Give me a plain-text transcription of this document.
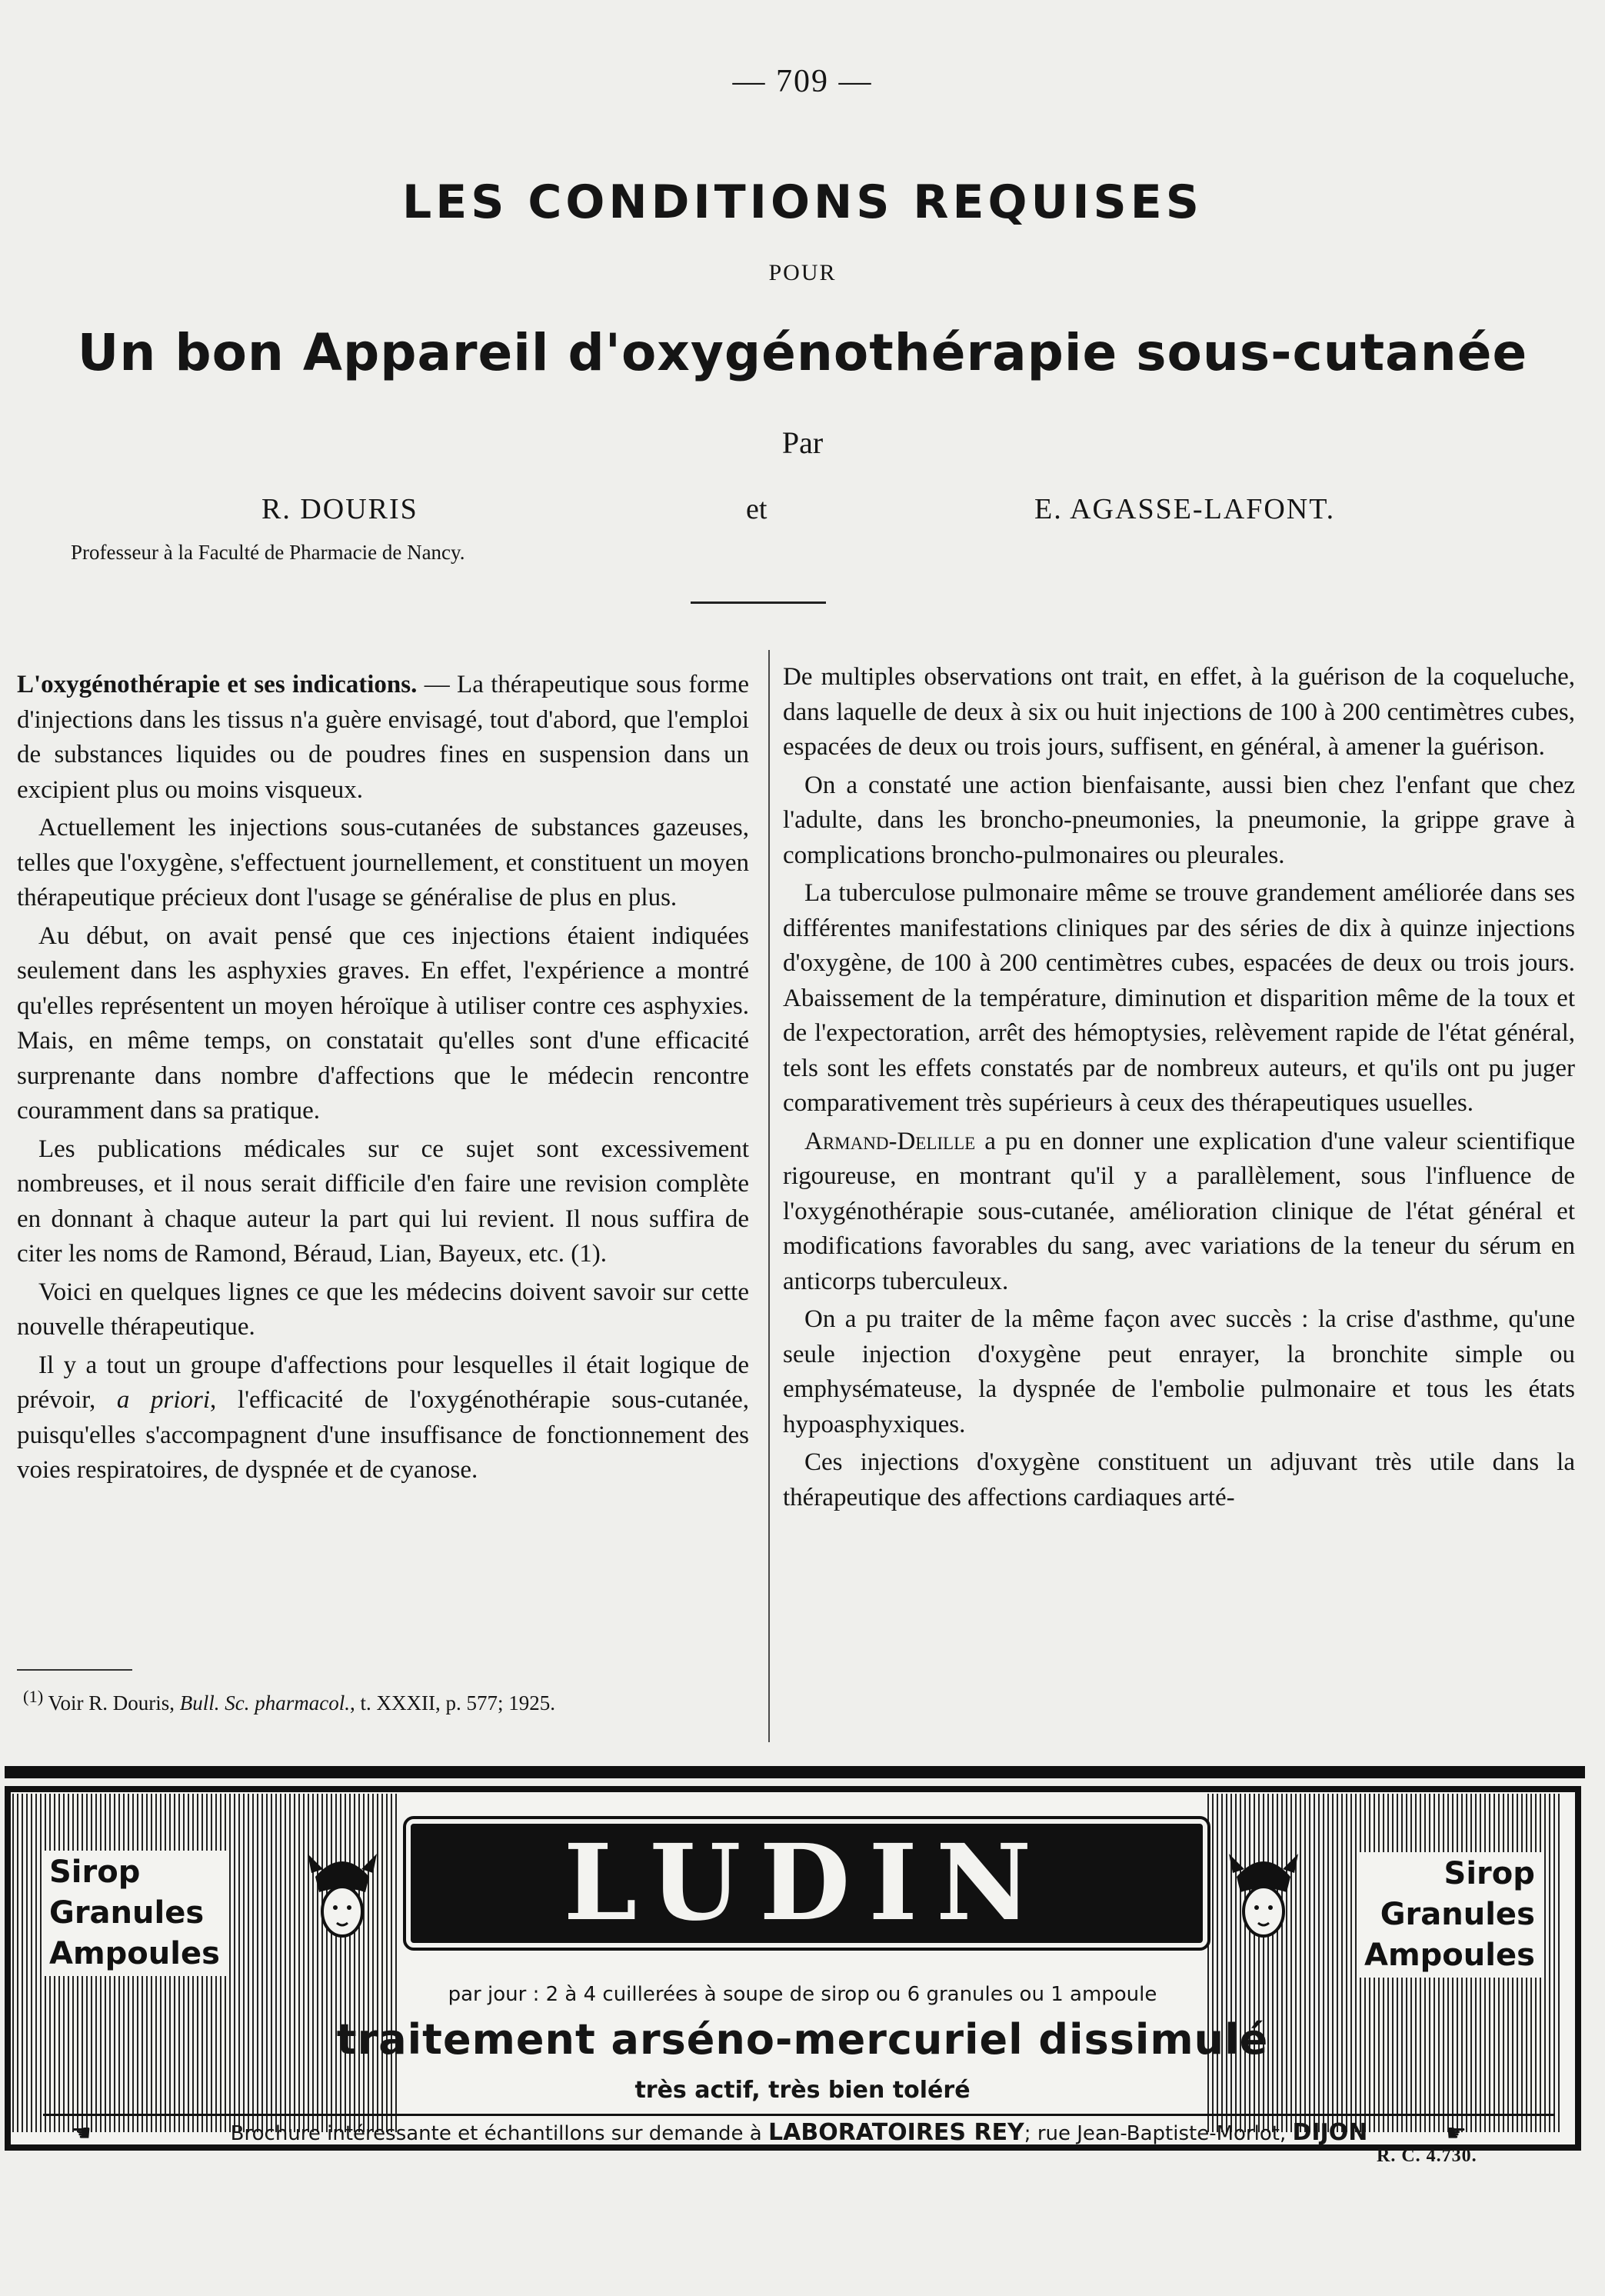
— 709 —
LES CONDITIONS REQUISES
POUR
Un bon Appareil d'oxygénothérapie sous-cutanée
Par
R. DOURIS	et	E. AGASSE-LAFONT.
Professeur à la Faculté de Pharmacie de Nancy.

L'oxygénothérapie et ses indications. — La thérapeutique sous forme d'injections dans les tissus n'a guère envisagé, tout d'abord, que l'emploi de substances liquides ou de poudres fines en suspension dans un excipient plus ou moins visqueux.

Actuellement les injections sous-cutanées de substances gazeuses, telles que l'oxygène, s'effectuent journellement, et constituent un moyen thérapeutique précieux dont l'usage se généralise de plus en plus.

Au début, on avait pensé que ces injections étaient indiquées seulement dans les asphyxies graves. En effet, l'expérience a montré qu'elles représentent un moyen héroïque à utiliser contre ces asphyxies. Mais, en même temps, on constatait qu'elles sont d'une efficacité surprenante dans nombre d'affections que le médecin rencontre couramment dans sa pratique.

Les publications médicales sur ce sujet sont excessivement nombreuses, et il nous serait difficile d'en faire une revision complète en donnant à chaque auteur la part qui lui revient. Il nous suffira de citer les noms de Ramond, Béraud, Lian, Bayeux, etc. (1).

Voici en quelques lignes ce que les médecins doivent savoir sur cette nouvelle thérapeutique.

Il y a tout un groupe d'affections pour lesquelles il était logique de prévoir, a priori, l'efficacité de l'oxygénothérapie sous-cutanée, puisqu'elles s'accompagnent d'une insuffisance de fonctionnement des voies respiratoires, de dyspnée et de cyanose.

$^{(1)}$ Voir R. Douris, Bull. Sc. pharmacol., t. XXXII, p. 577; 1925.

De multiples observations ont trait, en effet, à la guérison de la coqueluche, dans laquelle de deux à six ou huit injections de 100 à 200 centimètres cubes, espacées de deux ou trois jours, suffisent, en général, à amener la guérison.

On a constaté une action bienfaisante, aussi bien chez l'enfant que chez l'adulte, dans les broncho-pneumonies, la pneumonie, la grippe grave à complications broncho-pulmonaires ou pleurales.

La tuberculose pulmonaire même se trouve grandement améliorée dans ses différentes manifestations cliniques par des séries de dix à quinze injections d'oxygène, de 100 à 200 centimètres cubes, espacées de deux ou trois jours. Abaissement de la température, diminution et disparition même de la toux et de l'expectoration, arrêt des hémoptysies, relèvement rapide de l'état général, tels sont les effets constatés par de nombreux auteurs, et qu'ils ont pu juger comparativement très supérieurs à ceux des thérapeutiques usuelles.

Armand-Delille a pu en donner une explication d'une valeur scientifique rigoureuse, en montrant qu'il y a parallèlement, sous l'influence de l'oxygénothérapie sous-cutanée, amélioration clinique de l'état général et modifications favorables du sang, avec variations de la teneur du sérum en anticorps tuberculeux.

On a pu traiter de la même façon avec succès : la crise d'asthme, qu'une seule injection d'oxygène peut enrayer, la bronchite simple ou emphysémateuse, la dyspnée de l'embolie pulmonaire et tous les états hypoasphyxiques.

Ces injections d'oxygène constituent un adjuvant très utile dans la thérapeutique des affections cardiaques arté-

Sirop
Granules
Ampoules
Sirop
Granules
Ampoules
LUDIN
par jour : 2 à 4 cuillerées à soupe de sirop ou 6 granules ou 1 ampoule
traitement arséno-mercuriel dissimulé
très actif, très bien toléré
☚	Brochure intéressante et échantillons sur demande à LABORATOIRES REY; rue Jean-Baptiste-Morlot, DIJON	☛
R. C. 4.730.
